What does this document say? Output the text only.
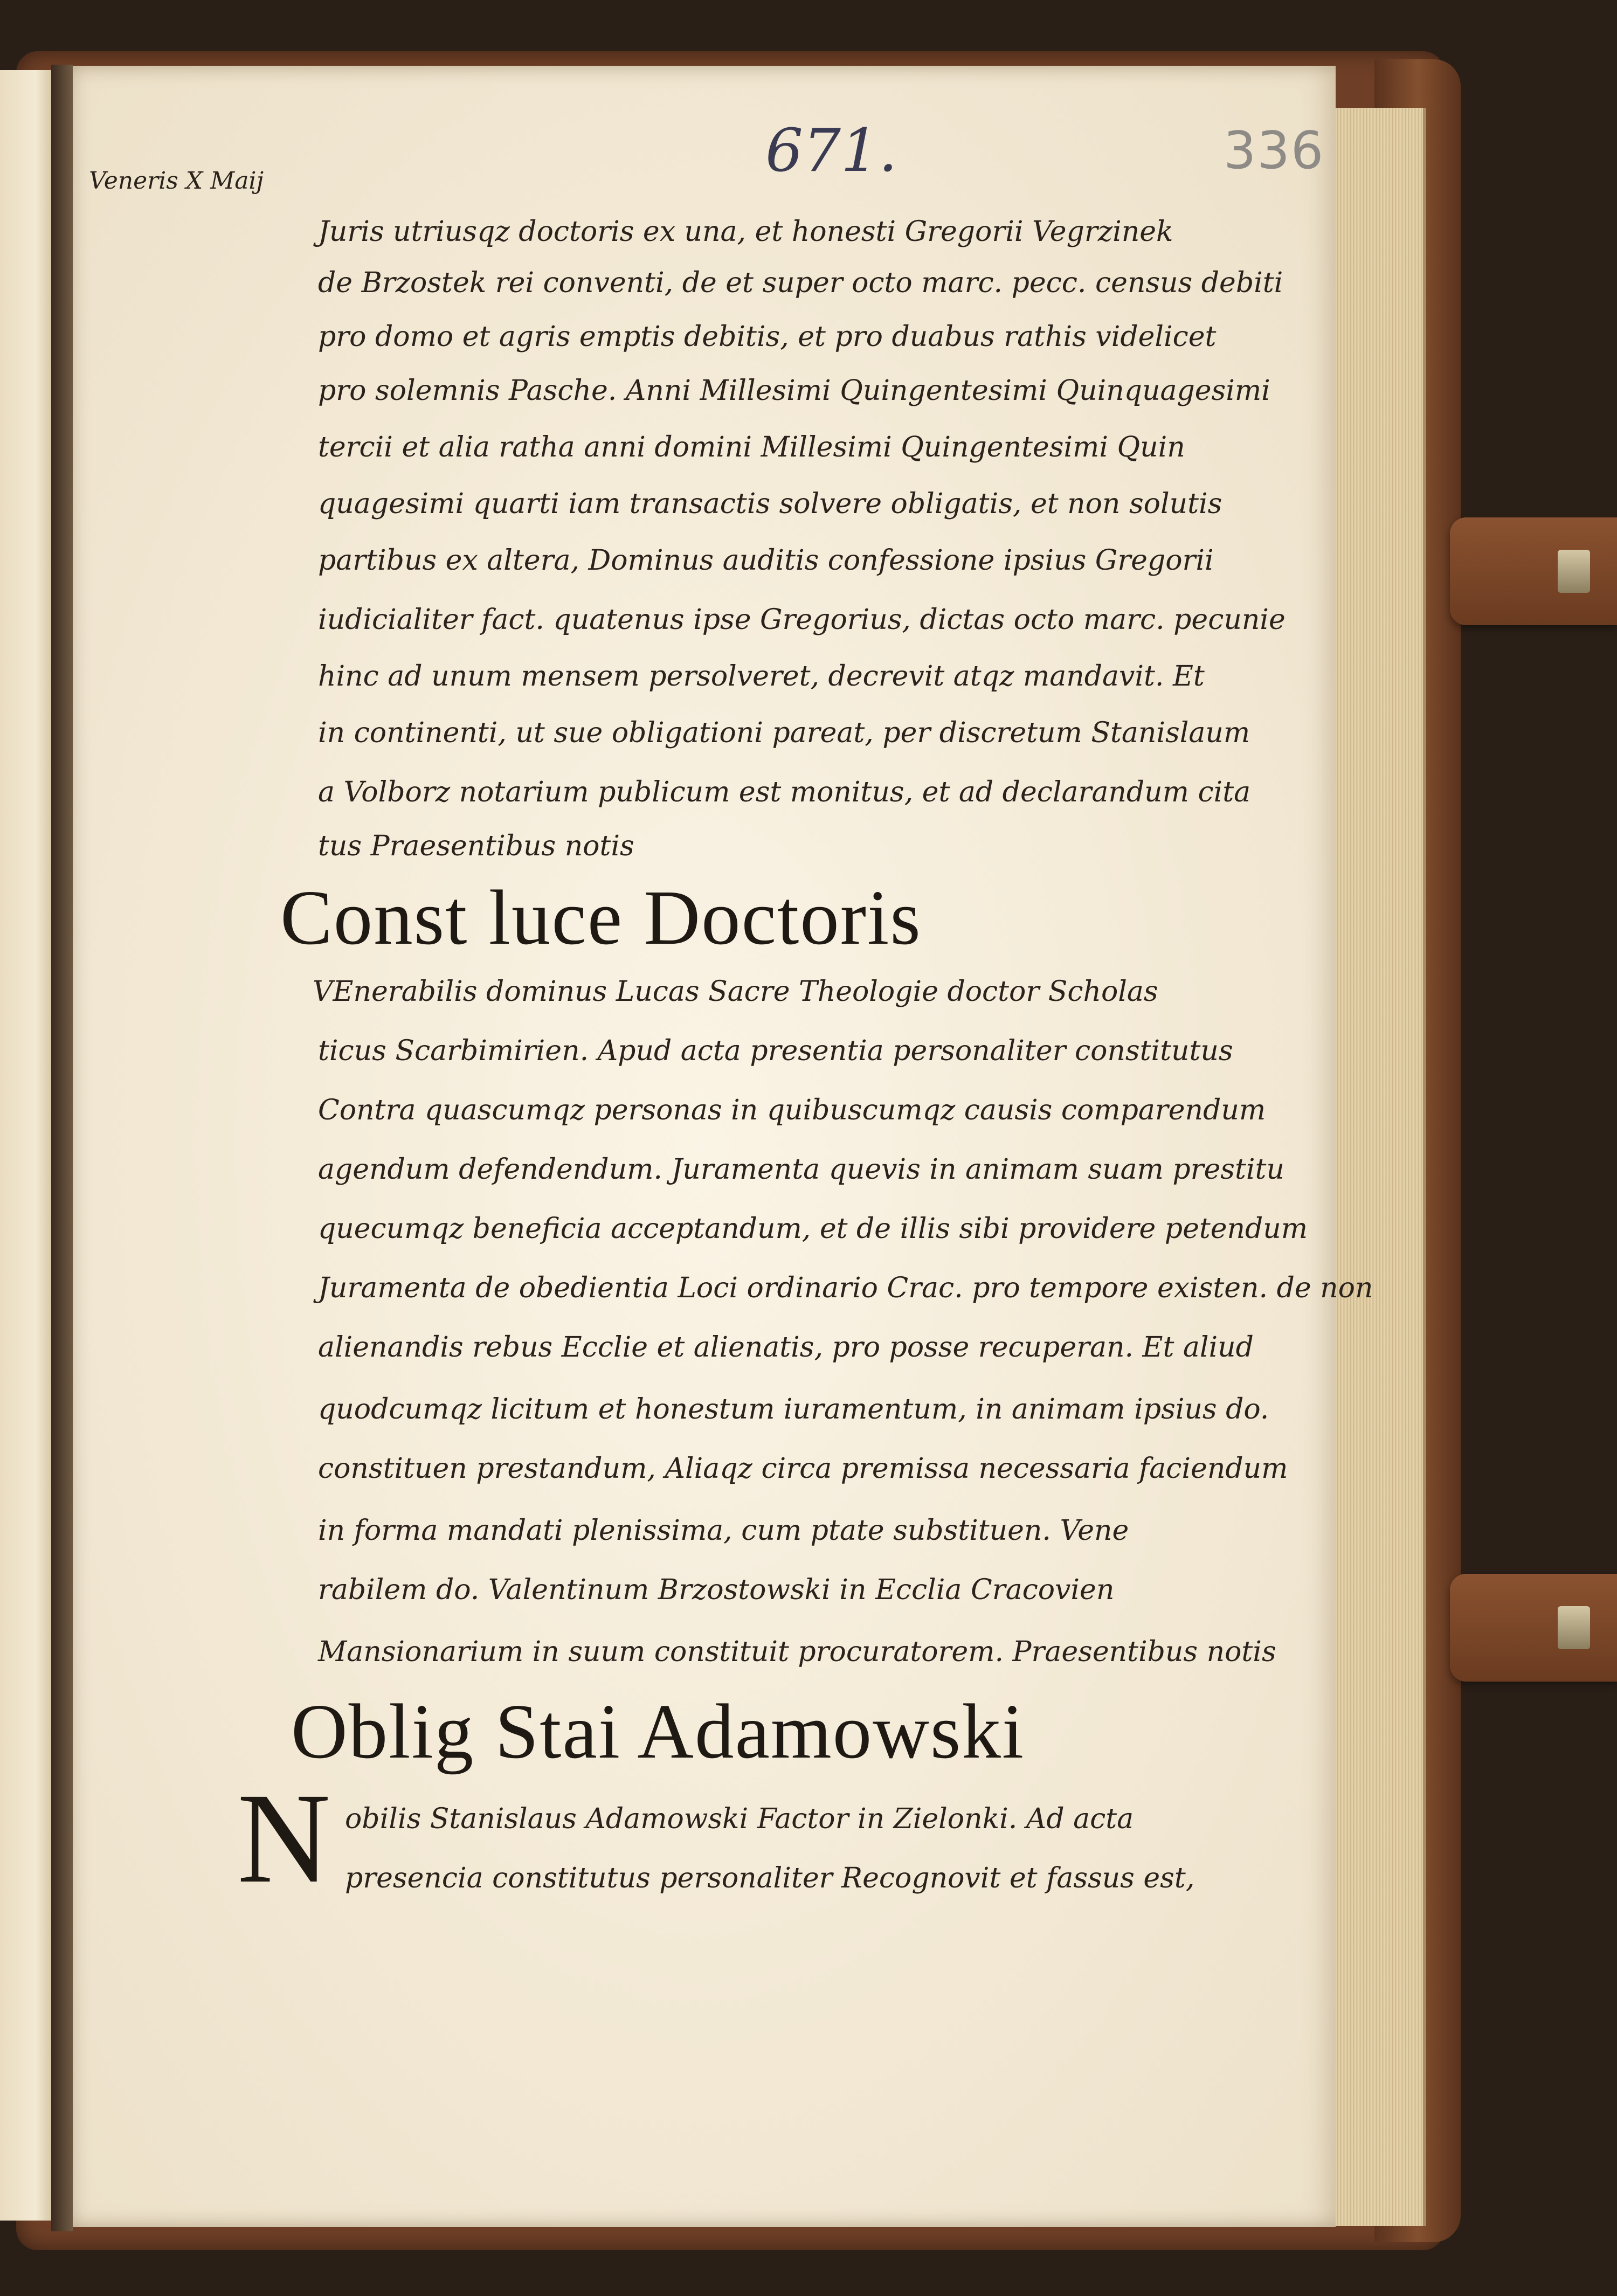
671.	336
Veneris X Maij
Juris utriusqz doctoris ex una, et honesti Gregorii Vegrzinek
de Brzostek rei conventi, de et super octo marc. pecc. census debiti
pro domo et agris emptis debitis, et pro duabus rathis videlicet
pro solemnis Pasche. Anni Millesimi Quingentesimi Quinquagesimi
tercii et alia ratha anni domini Millesimi Quingentesimi Quin
quagesimi quarti iam transactis solvere obligatis, et non solutis
partibus ex altera, Dominus auditis confessione ipsius Gregorii
iudicialiter fact. quatenus ipse Gregorius, dictas octo marc. pecunie
hinc ad unum mensem persolveret, decrevit atqz mandavit. Et
in continenti, ut sue obligationi pareat, per discretum Stanislaum
a Volborz notarium publicum est monitus, et ad declarandum cita
tus Praesentibus notis
Const luce Doctoris
VEnerabilis dominus Lucas Sacre Theologie doctor Scholas
ticus Scarbimirien. Apud acta presentia personaliter constitutus
Contra quascumqz personas in quibuscumqz causis comparendum
agendum defendendum. Juramenta quevis in animam suam prestitu
quecumqz beneficia acceptandum, et de illis sibi providere petendum
Juramenta de obedientia Loci ordinario Crac. pro tempore existen. de non
alienandis rebus Ecclie et alienatis, pro posse recuperan. Et aliud
quodcumqz licitum et honestum iuramentum, in animam ipsius do.
constituen prestandum, Aliaqz circa premissa necessaria faciendum
in forma mandati plenissima, cum ptate substituen. Vene
rabilem do. Valentinum Brzostowski in Ecclia Cracovien
Mansionarium in suum constituit procuratorem. Praesentibus notis
Oblig Stai Adamowski
N obilis Stanislaus Adamowski Factor in Zielonki. Ad acta
presencia constitutus personaliter Recognovit et fassus est,
